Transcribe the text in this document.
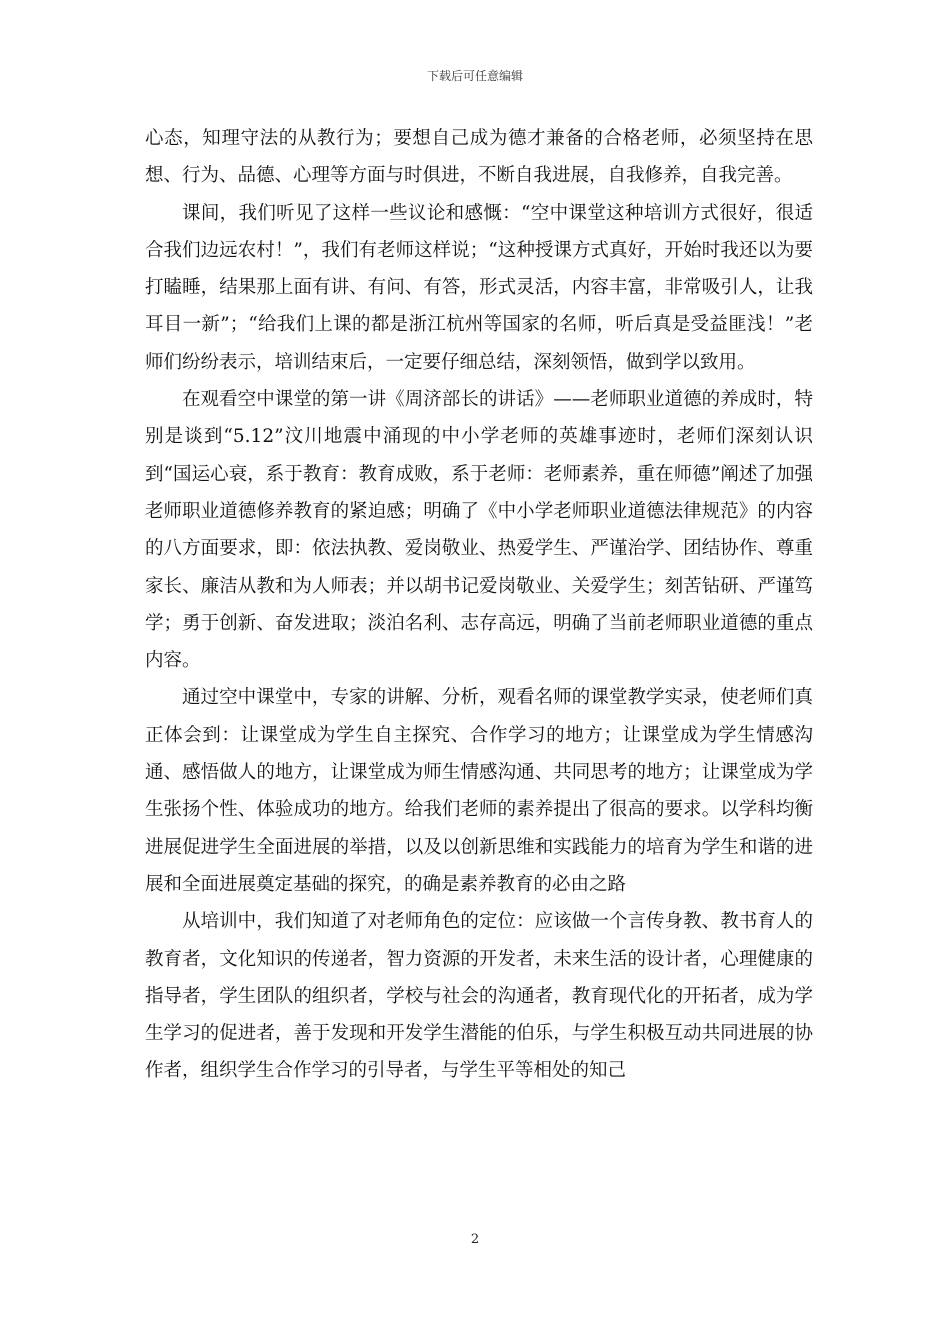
下载后可任意编辑

心态，知理守法的从教行为；要想自己成为德才兼备的合格老师，必须坚持在思想、行为、品德、心理等方面与时俱进，不断自我进展，自我修养，自我完善。

课间，我们听见了这样一些议论和感慨：“空中课堂这种培训方式很好，很适合我们边远农村！”，我们有老师这样说；“这种授课方式真好，开始时我还以为要打瞌睡，结果那上面有讲、有问、有答，形式灵活，内容丰富，非常吸引人，让我耳目一新”；“给我们上课的都是浙江杭州等国家的名师，听后真是受益匪浅！”老师们纷纷表示，培训结束后，一定要仔细总结，深刻领悟，做到学以致用。

在观看空中课堂的第一讲《周济部长的讲话》——老师职业道德的养成时，特别是谈到“5.12”汶川地震中涌现的中小学老师的英雄事迹时，老师们深刻认识到“国运心衰，系于教育：教育成败，系于老师：老师素养，重在师德”阐述了加强老师职业道德修养教育的紧迫感；明确了《中小学老师职业道德法律规范》的内容的八方面要求，即：依法执教、爱岗敬业、热爱学生、严谨治学、团结协作、尊重家长、廉洁从教和为人师表；并以胡书记爱岗敬业、关爱学生；刻苦钻研、严谨笃学；勇于创新、奋发进取；淡泊名利、志存高远，明确了当前老师职业道德的重点内容。

通过空中课堂中，专家的讲解、分析，观看名师的课堂教学实录，使老师们真正体会到：让课堂成为学生自主探究、合作学习的地方；让课堂成为学生情感沟通、感悟做人的地方，让课堂成为师生情感沟通、共同思考的地方；让课堂成为学生张扬个性、体验成功的地方。给我们老师的素养提出了很高的要求。以学科均衡进展促进学生全面进展的举措，以及以创新思维和实践能力的培育为学生和谐的进展和全面进展奠定基础的探究，的确是素养教育的必由之路

从培训中，我们知道了对老师角色的定位：应该做一个言传身教、教书育人的教育者，文化知识的传递者，智力资源的开发者，未来生活的设计者，心理健康的指导者，学生团队的组织者，学校与社会的沟通者，教育现代化的开拓者，成为学生学习的促进者，善于发现和开发学生潜能的伯乐，与学生积极互动共同进展的协作者，组织学生合作学习的引导者，与学生平等相处的知己

2
